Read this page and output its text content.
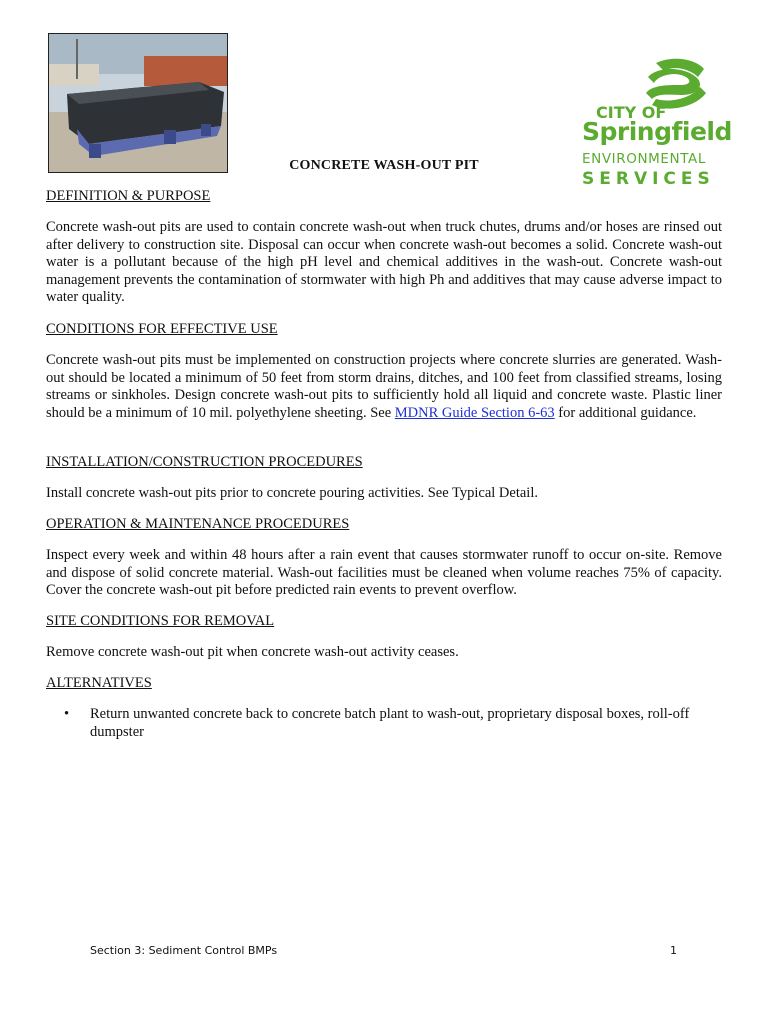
CITY OF
Springfield
ENVIRONMENTAL
SERVICES
CONCRETE WASH-OUT PIT
DEFINITION & PURPOSE
Concrete wash-out pits are used to contain concrete wash-out when truck chutes, drums and/or hoses are rinsed out after delivery to construction site. Disposal can occur when concrete wash-out becomes a solid. Concrete wash-out water is a pollutant because of the high pH level and chemical additives in the wash-out. Concrete wash-out management prevents the contamination of stormwater with high Ph and additives that may cause adverse impact to water quality.
CONDITIONS FOR EFFECTIVE USE
Concrete wash-out pits must be implemented on construction projects where concrete slurries are generated. Wash-out should be located a minimum of 50 feet from storm drains, ditches, and 100 feet from classified streams, losing streams or sinkholes. Design concrete wash-out pits to sufficiently hold all liquid and concrete waste. Plastic liner should be a minimum of 10 mil. polyethylene sheeting. See MDNR Guide Section 6-63 for additional guidance.
INSTALLATION/CONSTRUCTION PROCEDURES
Install concrete wash-out pits prior to concrete pouring activities. See Typical Detail.
OPERATION & MAINTENANCE PROCEDURES
Inspect every week and within 48 hours after a rain event that causes stormwater runoff to occur on-site. Remove and dispose of solid concrete material. Wash-out facilities must be cleaned when volume reaches 75% of capacity. Cover the concrete wash-out pit before predicted rain events to prevent overflow.
SITE CONDITIONS FOR REMOVAL
Remove concrete wash-out pit when concrete wash-out activity ceases.
ALTERNATIVES
• Return unwanted concrete back to concrete batch plant to wash-out, proprietary disposal boxes, roll-off dumpster
Section 3: Sediment Control BMPs	1
